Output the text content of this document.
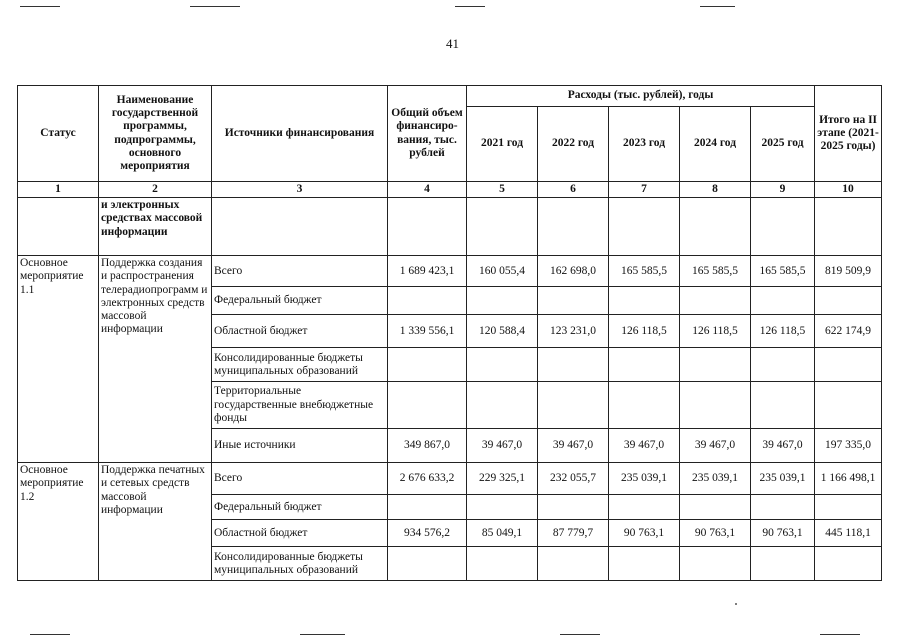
41
Статус	Наименование государственной программы, подпрограммы, основного мероприятия	Источники финансирования	Общий объем финансиро-вания, тыс. рублей	Расходы (тыс. рублей), годы					Итого на II этапе (2021-2025 годы)
				2021 год	2022 год	2023 год	2024 год	2025 год	
1	2	3	4	5	6	7	8	9	10
	и электронных средствах массовой информации								
Основное мероприятие 1.1	Поддержка создания и распространения телерадиопрограмм и электронных средств массовой информации	Всего	1 689 423,1	160 055,4	162 698,0	165 585,5	165 585,5	165 585,5	819 509,9
		Федеральный бюджет							
		Областной бюджет	1 339 556,1	120 588,4	123 231,0	126 118,5	126 118,5	126 118,5	622 174,9
		Консолидированные бюджеты муниципальных образований							
		Территориальные государственные внебюджетные фонды							
		Иные источники	349 867,0	39 467,0	39 467,0	39 467,0	39 467,0	39 467,0	197 335,0
Основное мероприятие 1.2	Поддержка печатных и сетевых средств массовой информации	Всего	2 676 633,2	229 325,1	232 055,7	235 039,1	235 039,1	235 039,1	1 166 498,1
		Федеральный бюджет							
		Областной бюджет	934 576,2	85 049,1	87 779,7	90 763,1	90 763,1	90 763,1	445 118,1
		Консолидированные бюджеты муниципальных образований							
